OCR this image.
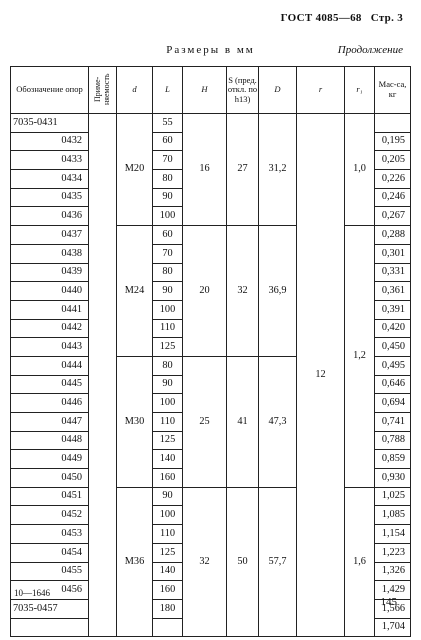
ГОСТ 4085—68 Стр. 3
Размеры в мм	Продолжение
Обозначение опор	Приме-няемость	d	L	H	S (пред. откл. по h13)	D	r	r₁	Мас-са, кг
7035-0431		M20	55	16	27	31,2	12	1,0	
0432			60						0,195
0433			70						0,205
0434			80						0,226
0435			90						0,246
0436			100						0,267
0437		M24	60	20	32	36,9		1,2	0,288
0438			70						0,301
0439			80						0,331
0440			90						0,361
0441			100						0,391
0442			110						0,420
0443			125						0,450
0444		M30	80	25	41	47,3			0,495
0445			90						0,646
0446			100						0,694
0447			110						0,741
0448			125						0,788
0449			140						0,859
0450			160						0,930
0451		M36	90	32	50	57,7		1,6	1,025
0452			100						1,085
0453			110						1,154
0454			125						1,223
0455			140						1,326
0456			160						1,429
7035-0457			180						1,566
									1,704
10—1646
145
